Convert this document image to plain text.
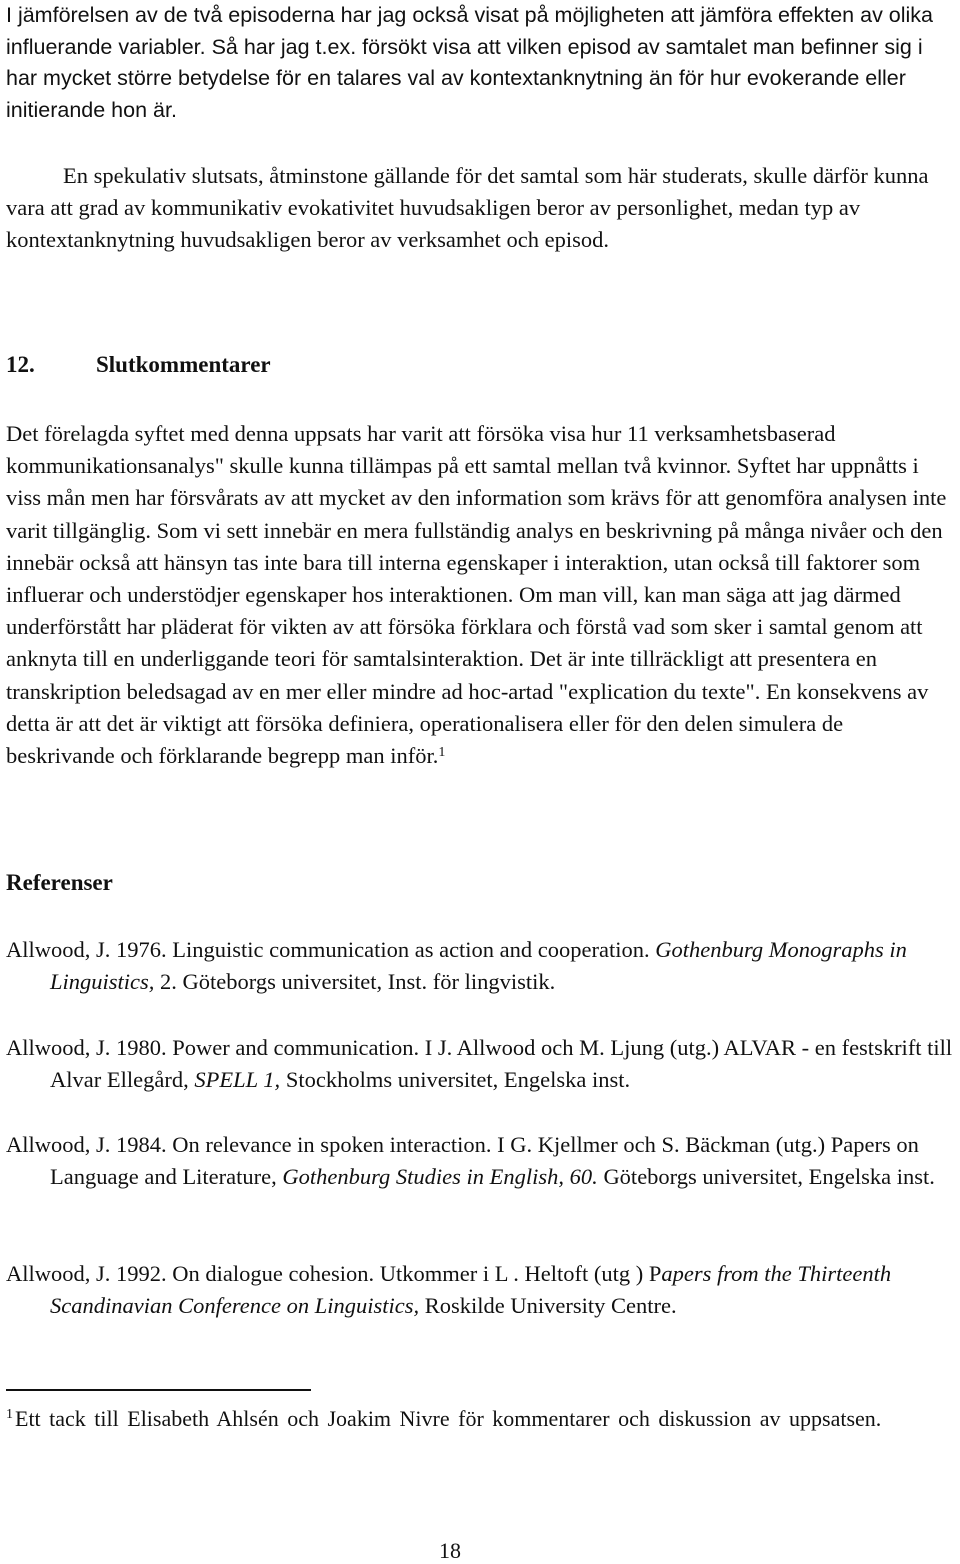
I jämförelsen av de två episoderna har jag också visat på möjligheten att jämföra effekten av olika influerande variabler. Så har jag t.ex. försökt visa att vilken episod av samtalet man befinner sig i har mycket större betydelse för en talares val av kontextanknytning än för hur evokerande eller initierande hon är.

En spekulativ slutsats, åtminstone gällande för det samtal som här studerats, skulle därför kunna vara att grad av kommunikativ evokativitet huvudsakligen beror av personlighet, medan typ av kontextanknytning huvudsakligen beror av verksamhet och episod.

12.	Slutkommentarer

Det förelagda syftet med denna uppsats har varit att försöka visa hur 11 verksamhetsbaserad kommunikationsanalys" skulle kunna tillämpas på ett samtal mellan två kvinnor. Syftet har uppnåtts i viss mån men har försvårats av att mycket av den information som krävs för att genomföra analysen inte varit tillgänglig. Som vi sett innebär en mera fullständig analys en beskrivning på många nivåer och den innebär också att hänsyn tas inte bara till interna egenskaper i interaktion, utan också till faktorer som influerar och understödjer egenskaper hos interaktionen. Om man vill, kan man säga att jag därmed underförstått har pläderat för vikten av att försöka förklara och förstå vad som sker i samtal genom att anknyta till en underliggande teori för samtalsinteraktion. Det är inte tillräckligt att presentera en transkription beledsagad av en mer eller mindre ad hoc-artad "explication du texte". En konsekvens av detta är att det är viktigt att försöka definiera, operationalisera eller för den delen simulera de beskrivande och förklarande begrepp man inför.$^1$

Referenser

Allwood, J. 1976. Linguistic communication as action and cooperation. Gothenburg Monographs in Linguistics, 2. Göteborgs universitet, Inst. för lingvistik.

Allwood, J. 1980. Power and communication. I J. Allwood och M. Ljung (utg.) ALVAR - en festskrift till Alvar Ellegård, SPELL 1, Stockholms universitet, Engelska inst.

Allwood, J. 1984. On relevance in spoken interaction. I G. Kjellmer och S. Bäckman (utg.) Papers on Language and Literature, Gothenburg Studies in English, 60. Göteborgs universitet, Engelska inst.

Allwood, J. 1992. On dialogue cohesion. Utkommer i L . Heltoft (utg ) Papers from the Thirteenth Scandinavian Conference on Linguistics, Roskilde University Centre.

$^1$Ett tack till Elisabeth Ahlsén och Joakim Nivre för kommentarer och diskussion av uppsatsen.

18
